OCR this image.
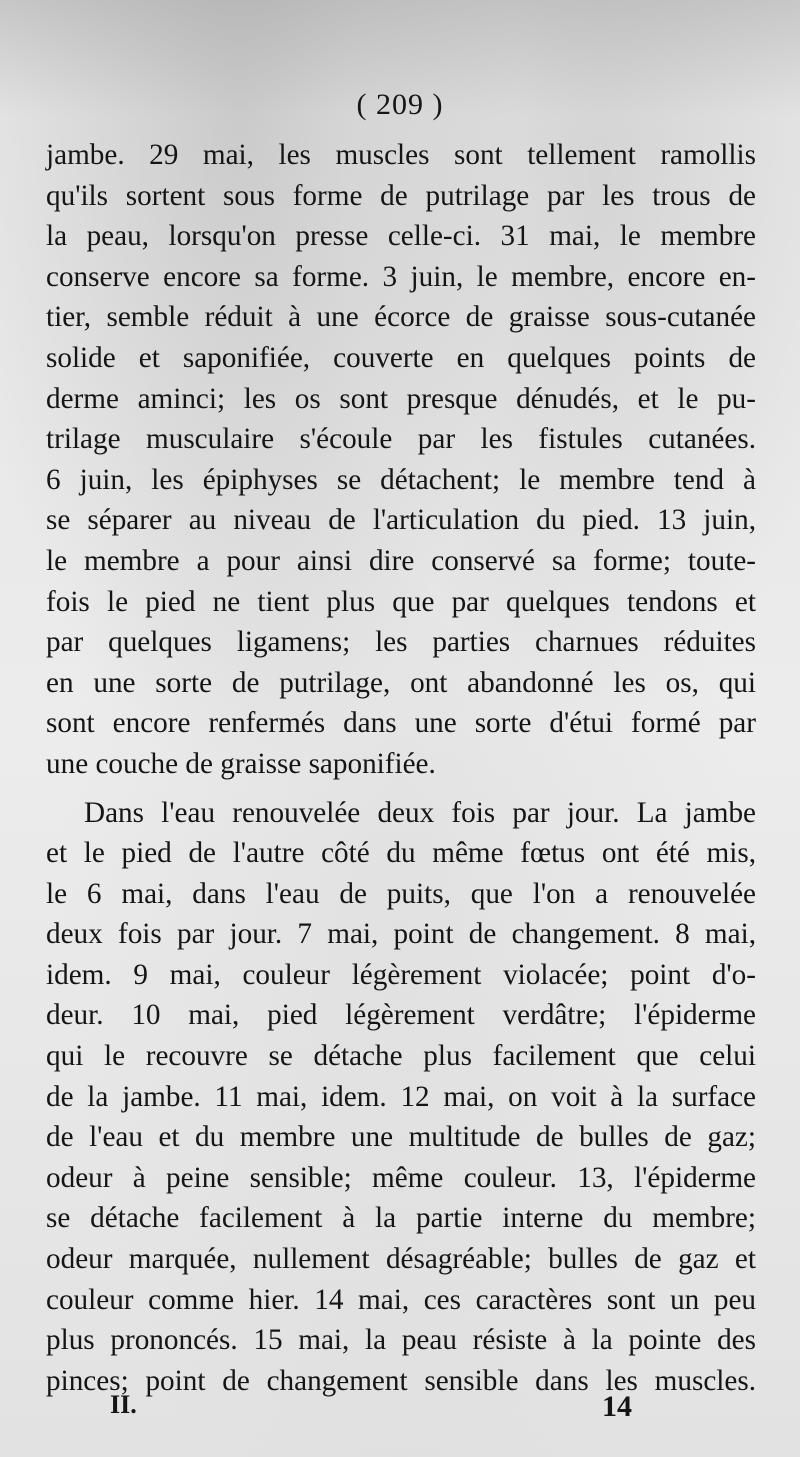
( 209 )
jambe. 29 mai, les muscles sont tellement ramollis
qu'ils sortent sous forme de putrilage par les trous de
la peau, lorsqu'on presse celle-ci. 31 mai, le membre
conserve encore sa forme. 3 juin, le membre, encore en-
tier, semble réduit à une écorce de graisse sous-cutanée
solide et saponifiée, couverte en quelques points de
derme aminci; les os sont presque dénudés, et le pu-
trilage musculaire s'écoule par les fistules cutanées.
6 juin, les épiphyses se détachent; le membre tend à
se séparer au niveau de l'articulation du pied. 13 juin,
le membre a pour ainsi dire conservé sa forme; toute-
fois le pied ne tient plus que par quelques tendons et
par quelques ligamens; les parties charnues réduites
en une sorte de putrilage, ont abandonné les os, qui
sont encore renfermés dans une sorte d'étui formé par
une couche de graisse saponifiée.
Dans l'eau renouvelée deux fois par jour. La jambe
et le pied de l'autre côté du même fœtus ont été mis,
le 6 mai, dans l'eau de puits, que l'on a renouvelée
deux fois par jour. 7 mai, point de changement. 8 mai,
idem. 9 mai, couleur légèrement violacée; point d'o-
deur. 10 mai, pied légèrement verdâtre; l'épiderme
qui le recouvre se détache plus facilement que celui
de la jambe. 11 mai, idem. 12 mai, on voit à la surface
de l'eau et du membre une multitude de bulles de gaz;
odeur à peine sensible; même couleur. 13, l'épiderme
se détache facilement à la partie interne du membre;
odeur marquée, nullement désagréable; bulles de gaz et
couleur comme hier. 14 mai, ces caractères sont un peu
plus prononcés. 15 mai, la peau résiste à la pointe des
pinces; point de changement sensible dans les muscles.
II.	14
